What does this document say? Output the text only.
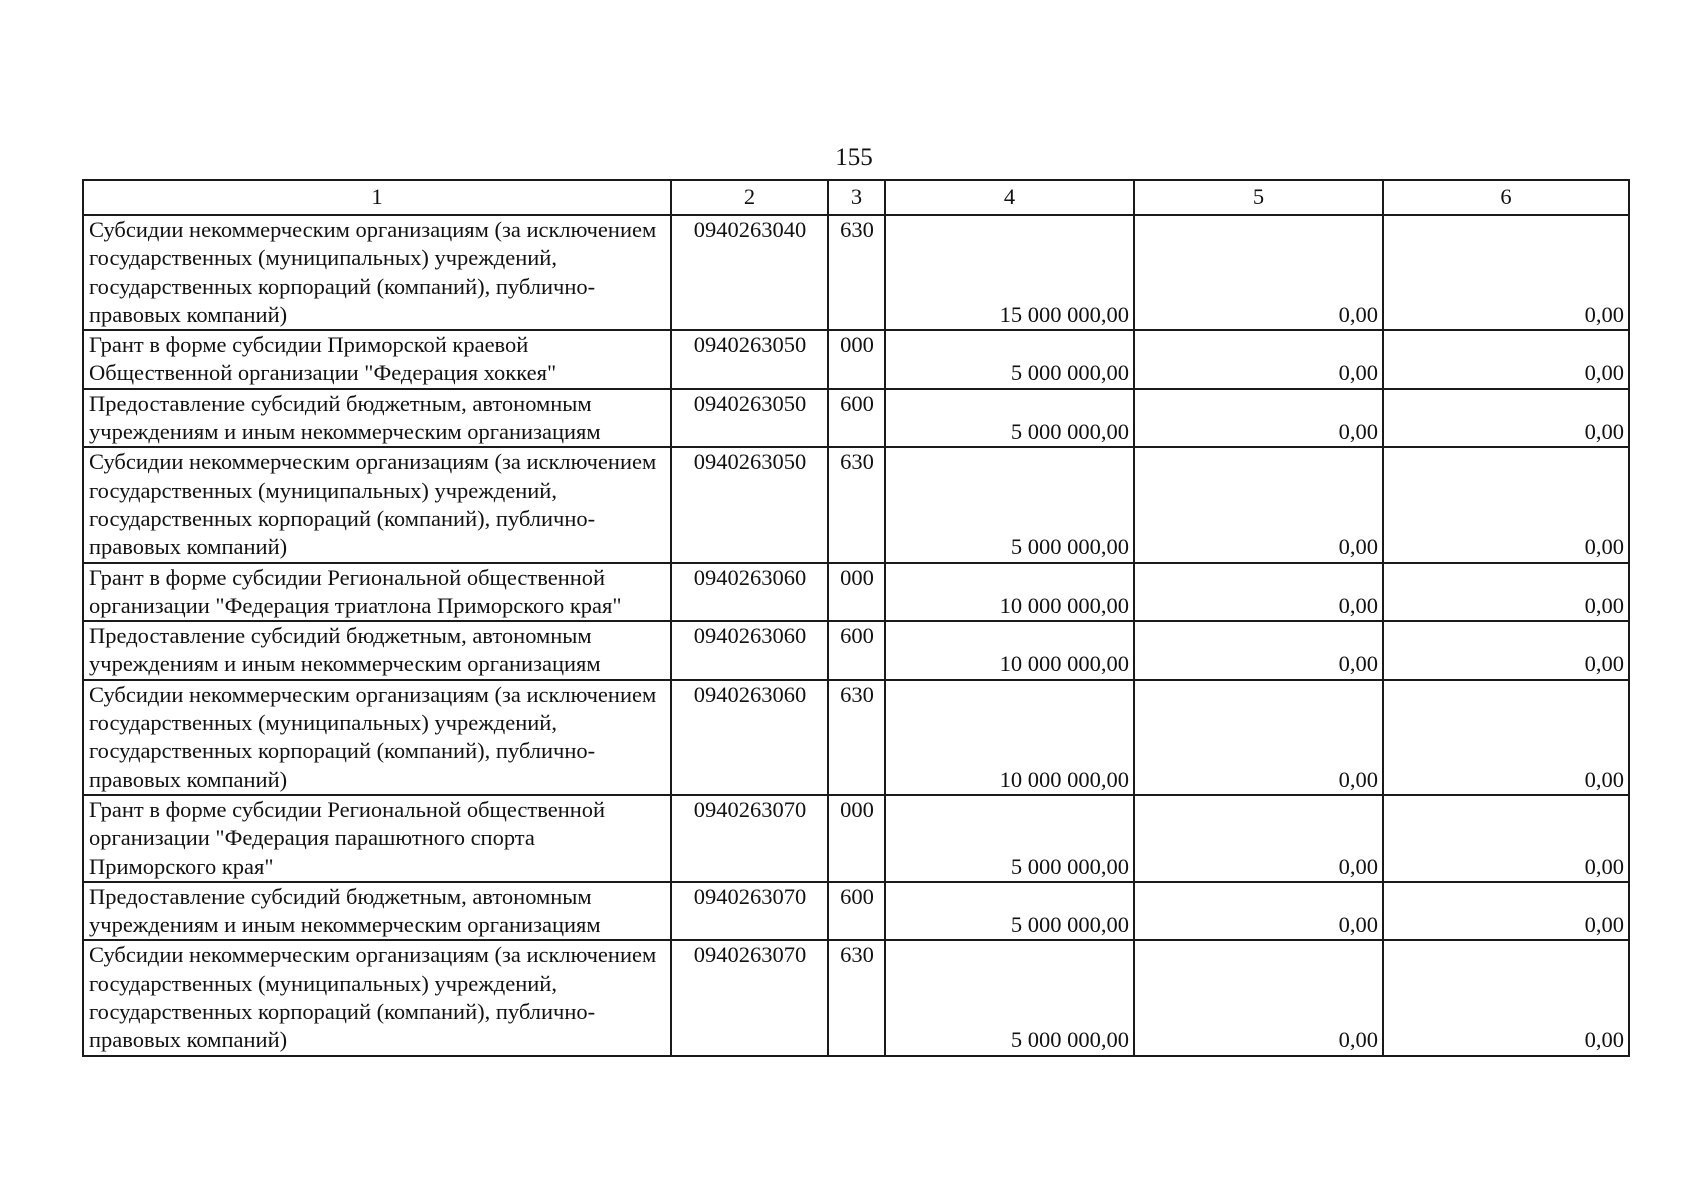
155
1	2	3	4	5	6
Субсидии некоммерческим организациям (за исключением государственных (муниципальных) учреждений, государственных корпораций (компаний), публично-правовых компаний)	0940263040	630	15 000 000,00	0,00	0,00
Грант в форме субсидии Приморской краевой Общественной организации "Федерация хоккея"	0940263050	000	5 000 000,00	0,00	0,00
Предоставление субсидий бюджетным, автономным учреждениям и иным некоммерческим организациям	0940263050	600	5 000 000,00	0,00	0,00
Субсидии некоммерческим организациям (за исключением государственных (муниципальных) учреждений, государственных корпораций (компаний), публично-правовых компаний)	0940263050	630	5 000 000,00	0,00	0,00
Грант в форме субсидии Региональной общественной организации "Федерация триатлона Приморского края"	0940263060	000	10 000 000,00	0,00	0,00
Предоставление субсидий бюджетным, автономным учреждениям и иным некоммерческим организациям	0940263060	600	10 000 000,00	0,00	0,00
Субсидии некоммерческим организациям (за исключением государственных (муниципальных) учреждений, государственных корпораций (компаний), публично-правовых компаний)	0940263060	630	10 000 000,00	0,00	0,00
Грант в форме субсидии Региональной общественной организации "Федерация парашютного спорта Приморского края"	0940263070	000	5 000 000,00	0,00	0,00
Предоставление субсидий бюджетным, автономным учреждениям и иным некоммерческим организациям	0940263070	600	5 000 000,00	0,00	0,00
Субсидии некоммерческим организациям (за исключением государственных (муниципальных) учреждений, государственных корпораций (компаний), публично-правовых компаний)	0940263070	630	5 000 000,00	0,00	0,00
